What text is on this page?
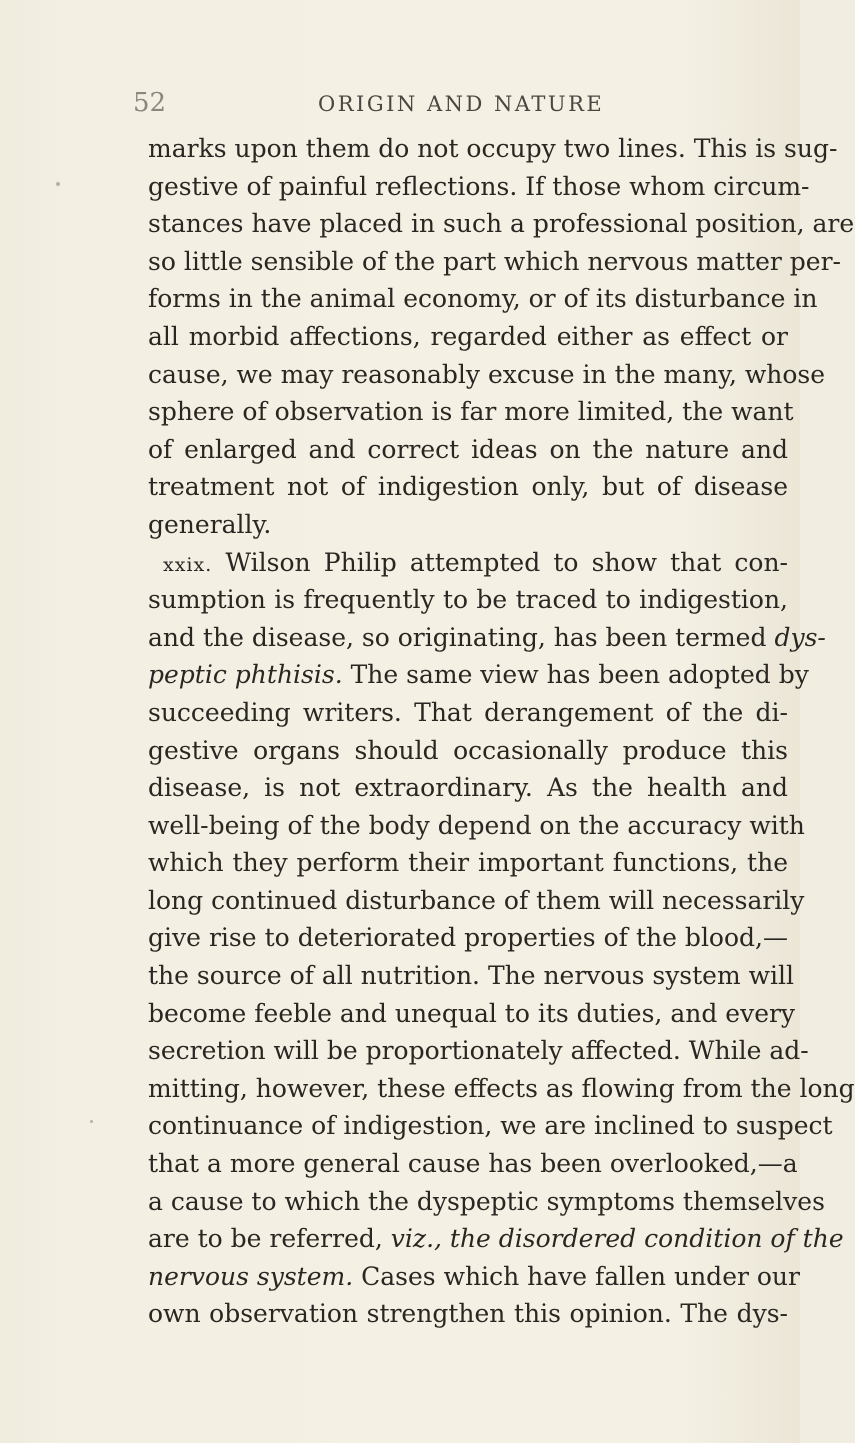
52	ORIGIN AND NATURE
marks upon them do not occupy two lines. This is sug-
gestive of painful reflections. If those whom circum-
stances have placed in such a professional position, are
so little sensible of the part which nervous matter per-
forms in the animal economy, or of its disturbance in
all morbid affections, regarded either as effect or
cause, we may reasonably excuse in the many, whose
sphere of observation is far more limited, the want
of enlarged and correct ideas on the nature and
treatment not of indigestion only, but of disease
generally.
xxix. Wilson Philip attempted to show that con-
sumption is frequently to be traced to indigestion,
and the disease, so originating, has been termed dys-
peptic phthisis. The same view has been adopted by
succeeding writers. That derangement of the di-
gestive organs should occasionally produce this
disease, is not extraordinary. As the health and
well-being of the body depend on the accuracy with
which they perform their important functions, the
long continued disturbance of them will necessarily
give rise to deteriorated properties of the blood,—
the source of all nutrition. The nervous system will
become feeble and unequal to its duties, and every
secretion will be proportionately affected. While ad-
mitting, however, these effects as flowing from the long
continuance of indigestion, we are inclined to suspect
that a more general cause has been overlooked,—a
a cause to which the dyspeptic symptoms themselves
are to be referred, viz., the disordered condition of the
nervous system. Cases which have fallen under our
own observation strengthen this opinion. The dys-
